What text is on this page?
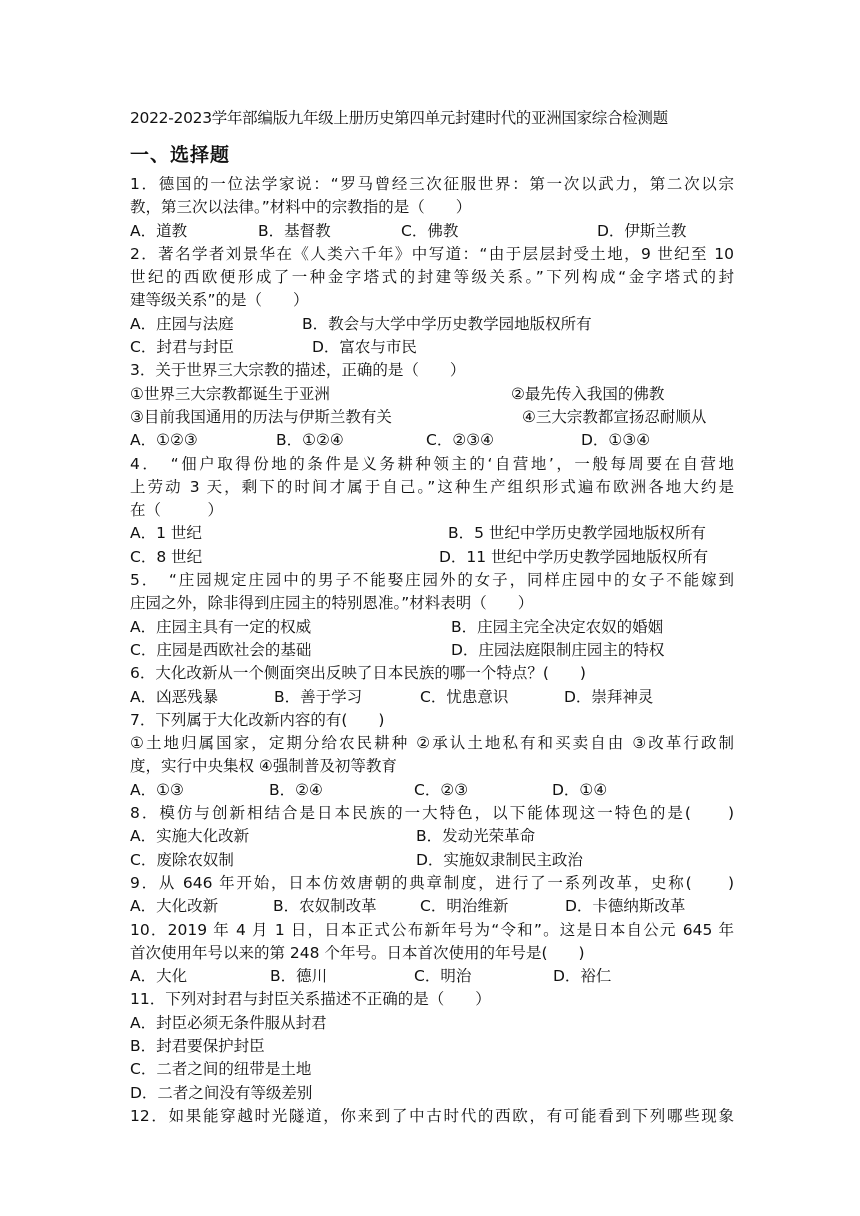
2022-2023学年部编版九年级上册历史第四单元封建时代的亚洲国家综合检测题
一、选择题
1．德国的一位法学家说：“罗马曾经三次征服世界：第一次以武力，第二次以宗
教，第三次以法律。”材料中的宗教指的是（　　）
A．道教	B．基督教	C．佛教	D．伊斯兰教
2．著名学者刘景华在《人类六千年》中写道：“由于层层封受土地，9 世纪至 10
世纪的西欧便形成了一种金字塔式的封建等级关系。”下列构成“金字塔式的封
建等级关系”的是（　　）
A．庄园与法庭	B．教会与大学中学历史教学园地版权所有
C．封君与封臣	D．富农与市民
3．关于世界三大宗教的描述，正确的是（　　）
①世界三大宗教都诞生于亚洲	②最先传入我国的佛教
③目前我国通用的历法与伊斯兰教有关	④三大宗教都宣扬忍耐顺从
A．①②③	B．①②④	C．②③④	D．①③④
4．　“佃户取得份地的条件是义务耕种领主的‘自营地’，一般每周要在自营地
上劳动 3 天，剩下的时间才属于自己。”这种生产组织形式遍布欧洲各地大约是
在（　　　）
A．1 世纪	B．5 世纪中学历史教学园地版权所有
C．8 世纪	D．11 世纪中学历史教学园地版权所有
5．　“庄园规定庄园中的男子不能娶庄园外的女子，同样庄园中的女子不能嫁到
庄园之外，除非得到庄园主的特别恩准。”材料表明（　　）
A．庄园主具有一定的权威	B．庄园主完全决定农奴的婚姻
C．庄园是西欧社会的基础	D．庄园法庭限制庄园主的特权
6．大化改新从一个侧面突出反映了日本民族的哪一个特点？(　　)
A．凶恶残暴	B．善于学习	C．忧患意识	D．崇拜神灵
7．下列属于大化改新内容的有(　　)
①土地归属国家，定期分给农民耕种 ②承认土地私有和买卖自由 ③改革行政制
度，实行中央集权 ④强制普及初等教育
A．①③	B．②④	C．②③	D．①④
8．模仿与创新相结合是日本民族的一大特色，以下能体现这一特色的是(　　)
A．实施大化改新	B．发动光荣革命
C．废除农奴制	D．实施奴隶制民主政治
9．从 646 年开始，日本仿效唐朝的典章制度，进行了一系列改革，史称(　　)
A．大化改新	B．农奴制改革	C．明治维新	D．卡德纳斯改革
10．2019 年 4 月 1 日，日本正式公布新年号为“令和”。这是日本自公元 645 年
首次使用年号以来的第 248 个年号。日本首次使用的年号是(　　)
A．大化	B．德川	C．明治	D．裕仁
11．下列对封君与封臣关系描述不正确的是（　　）
A．封臣必须无条件服从封君
B．封君要保护封臣
C．二者之间的纽带是土地
D．二者之间没有等级差别
12．如果能穿越时光隧道，你来到了中古时代的西欧，有可能看到下列哪些现象
